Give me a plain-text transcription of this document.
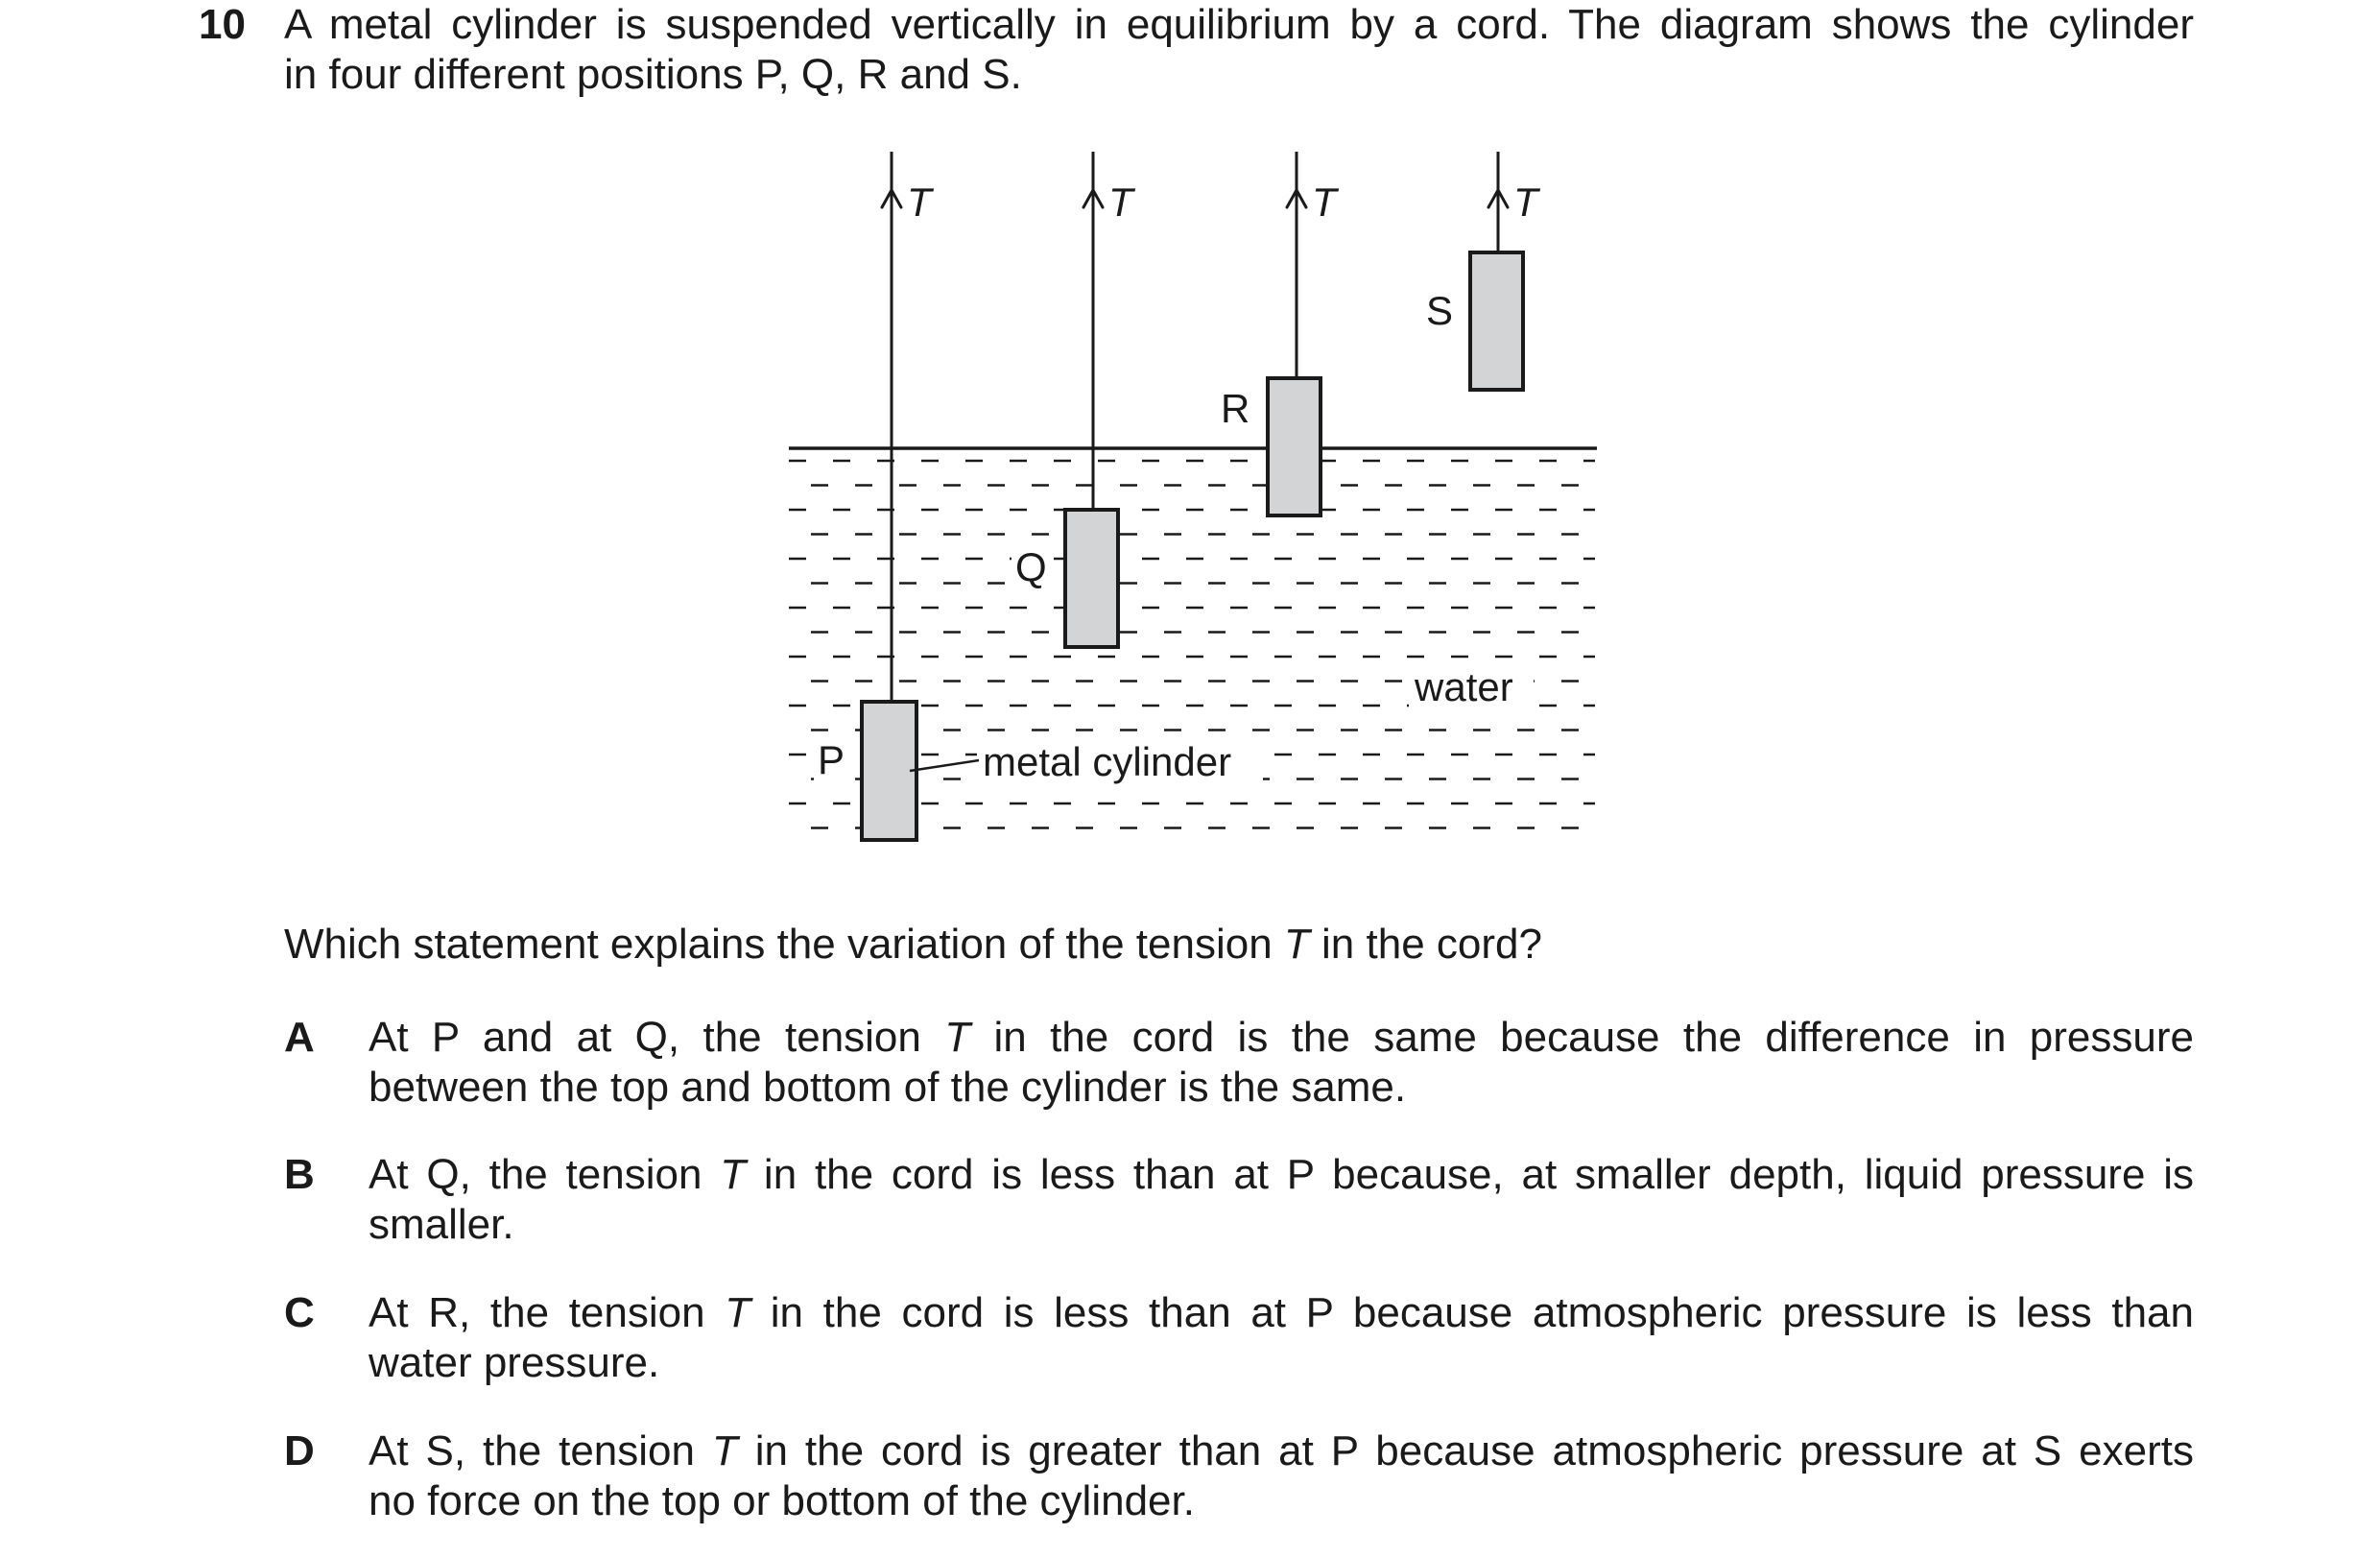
10 A metal cylinder is suspended vertically in equilibrium by a cord. The diagram shows the cylinder
in four different positions P, Q, R and S.
T	T	T	T
P
Q
R
S
metal cylinder
water
Which statement explains the variation of the tension T in the cord?
A At P and at Q, the tension T in the cord is the same because the difference in pressure
between the top and bottom of the cylinder is the same.
B At Q, the tension T in the cord is less than at P because, at smaller depth, liquid pressure is
smaller.
C At R, the tension T in the cord is less than at P because atmospheric pressure is less than
water pressure.
D At S, the tension T in the cord is greater than at P because atmospheric pressure at S exerts
no force on the top or bottom of the cylinder.
